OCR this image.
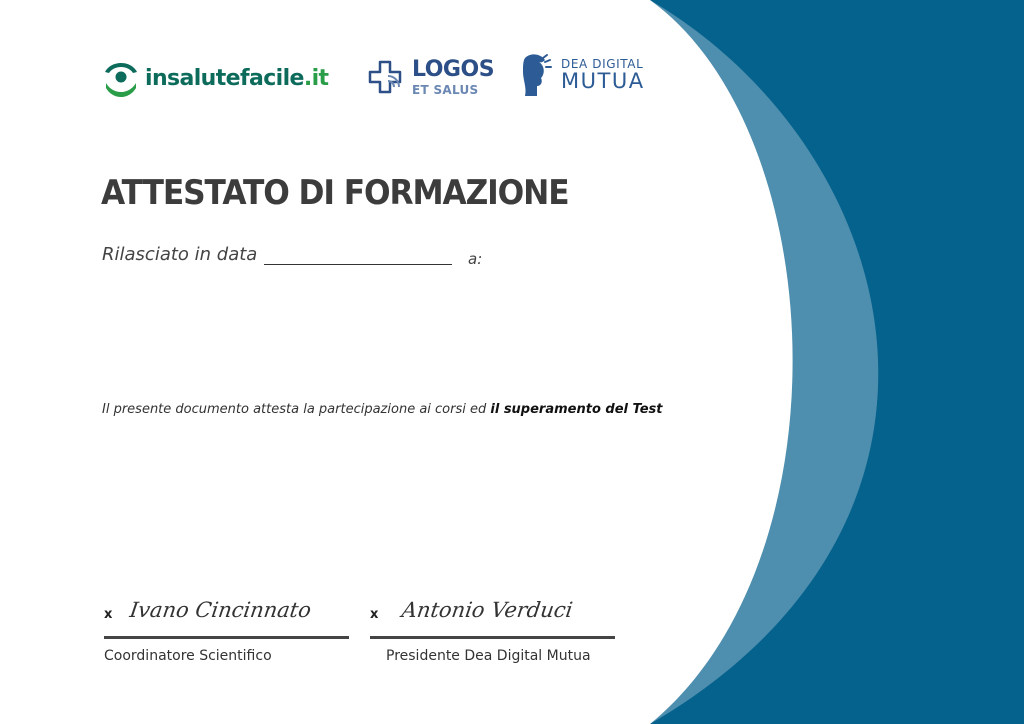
insalutefacile.it	LOGOS
ET SALUS
DEA DIGITAL
MUTUA
ATTESTATO DI FORMAZIONE
Rilasciato in data	a:
Il presente documento attesta la partecipazione ai corsi ed il superamento del Test
x Ivano Cincinnato
Coordinatore Scientifico
x Antonio Verduci
Presidente Dea Digital Mutua
